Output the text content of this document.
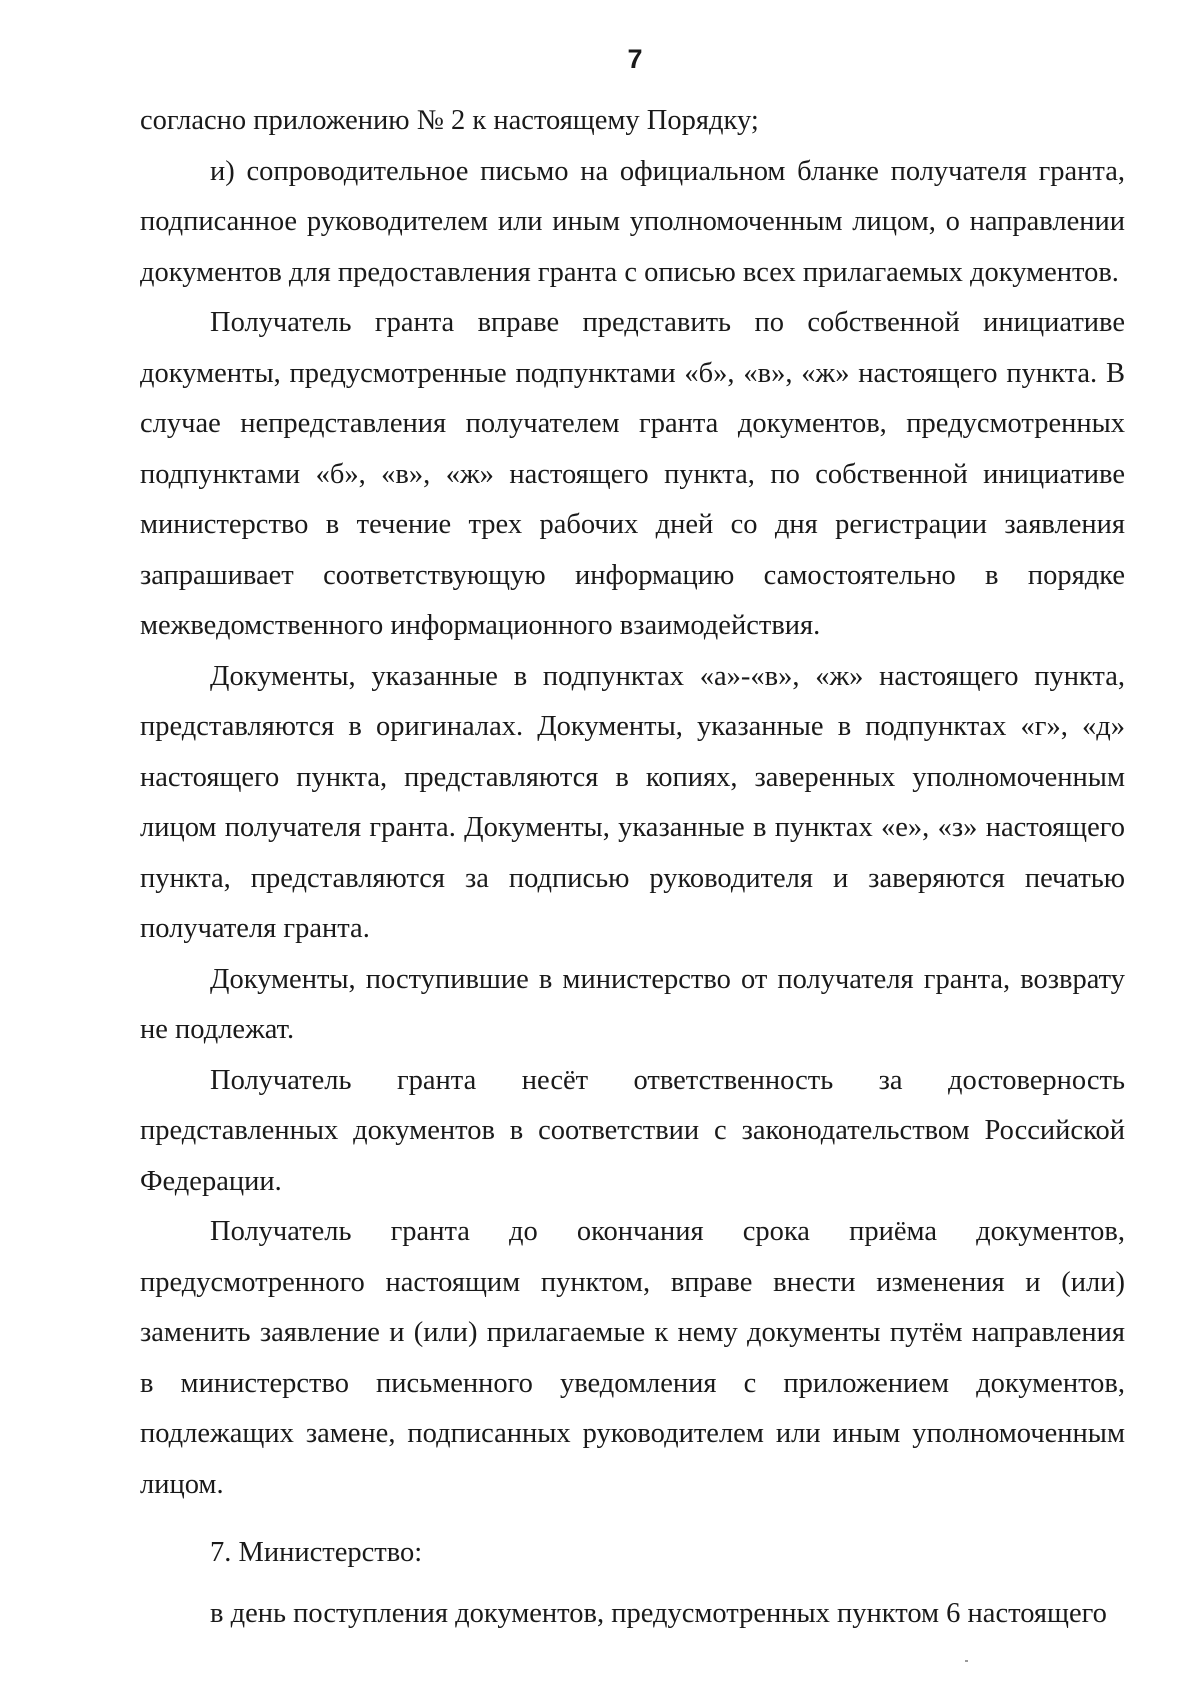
7

согласно приложению № 2 к настоящему Порядку;

и) сопроводительное письмо на официальном бланке получателя гранта, подписанное руководителем или иным уполномоченным лицом, о направлении документов для предоставления гранта с описью всех прилагаемых документов.

Получатель гранта вправе представить по собственной инициативе документы, предусмотренные подпунктами «б», «в», «ж» настоящего пункта. В случае непредставления получателем гранта документов, предусмотренных подпунктами «б», «в», «ж» настоящего пункта, по собственной инициативе министерство в течение трех рабочих дней со дня регистрации заявления запрашивает соответствующую информацию самостоятельно в порядке межведомственного информационного взаимодействия.

Документы, указанные в подпунктах «а»-«в», «ж» настоящего пункта, представляются в оригиналах. Документы, указанные в подпунктах «г», «д» настоящего пункта, представляются в копиях, заверенных уполномоченным лицом получателя гранта. Документы, указанные в пунктах «е», «з» настоящего пункта, представляются за подписью руководителя и заверяются печатью получателя гранта.

Документы, поступившие в министерство от получателя гранта, возврату не подлежат.

Получатель гранта несёт ответственность за достоверность представленных документов в соответствии с законодательством Российской Федерации.

Получатель гранта до окончания срока приёма документов, предусмотренного настоящим пунктом, вправе внести изменения и (или) заменить заявление и (или) прилагаемые к нему документы путём направления в министерство письменного уведомления с приложением документов, подлежащих замене, подписанных руководителем или иным уполномоченным лицом.

7. Министерство:

в день поступления документов, предусмотренных пунктом 6 настоящего
